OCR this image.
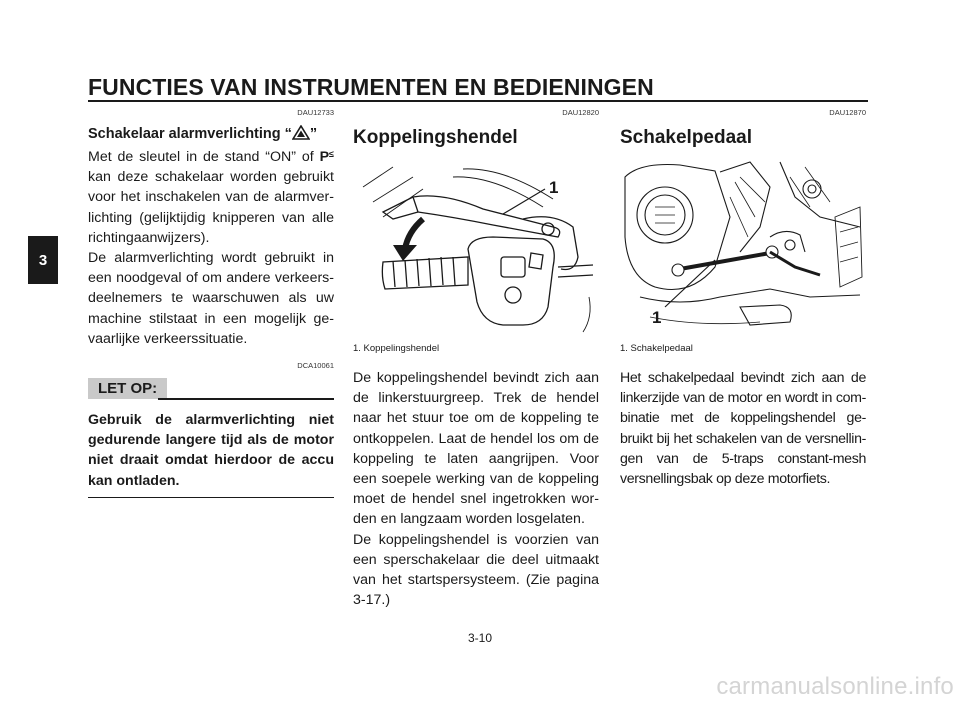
FUNCTIES VAN INSTRUMENTEN EN BEDIENINGEN
3
DAU12733
Schakelaar alarmverlichting “ ”
Met de sleutel in de stand “ON” of P≤ kan deze schakelaar worden gebruikt voor het inschakelen van de alarmver-lichting (gelijktijdig knipperen van alle richtingaanwijzers).
De alarmverlichting wordt gebruikt in een noodgeval of om andere verkeers-deelnemers te waarschuwen als uw machine stilstaat in een mogelijk ge-vaarlijke verkeerssituatie.
DCA10061
LET OP:
Gebruik de alarmverlichting niet gedurende langere tijd als de motor niet draait omdat hierdoor de accu kan ontladen.
DAU12820
Koppelingshendel
1
1. Koppelingshendel
De koppelingshendel bevindt zich aan de linkerstuurgreep. Trek de hendel naar het stuur toe om de koppeling te ontkoppelen. Laat de hendel los om de koppeling te laten aangrijpen. Voor een soepele werking van de koppeling moet de hendel snel ingetrokken wor-den en langzaam worden losgelaten.
De koppelingshendel is voorzien van een sperschakelaar die deel uitmaakt van het startspersysteem. (Zie pagina 3-17.)
DAU12870
Schakelpedaal
1
1. Schakelpedaal
Het schakelpedaal bevindt zich aan de linkerzijde van de motor en wordt in com-binatie met de koppelingshendel ge-bruikt bij het schakelen van de versnellin-gen van de 5-traps constant-mesh versnellingsbak op deze motorfiets.
3-10
carmanualsonline.info
